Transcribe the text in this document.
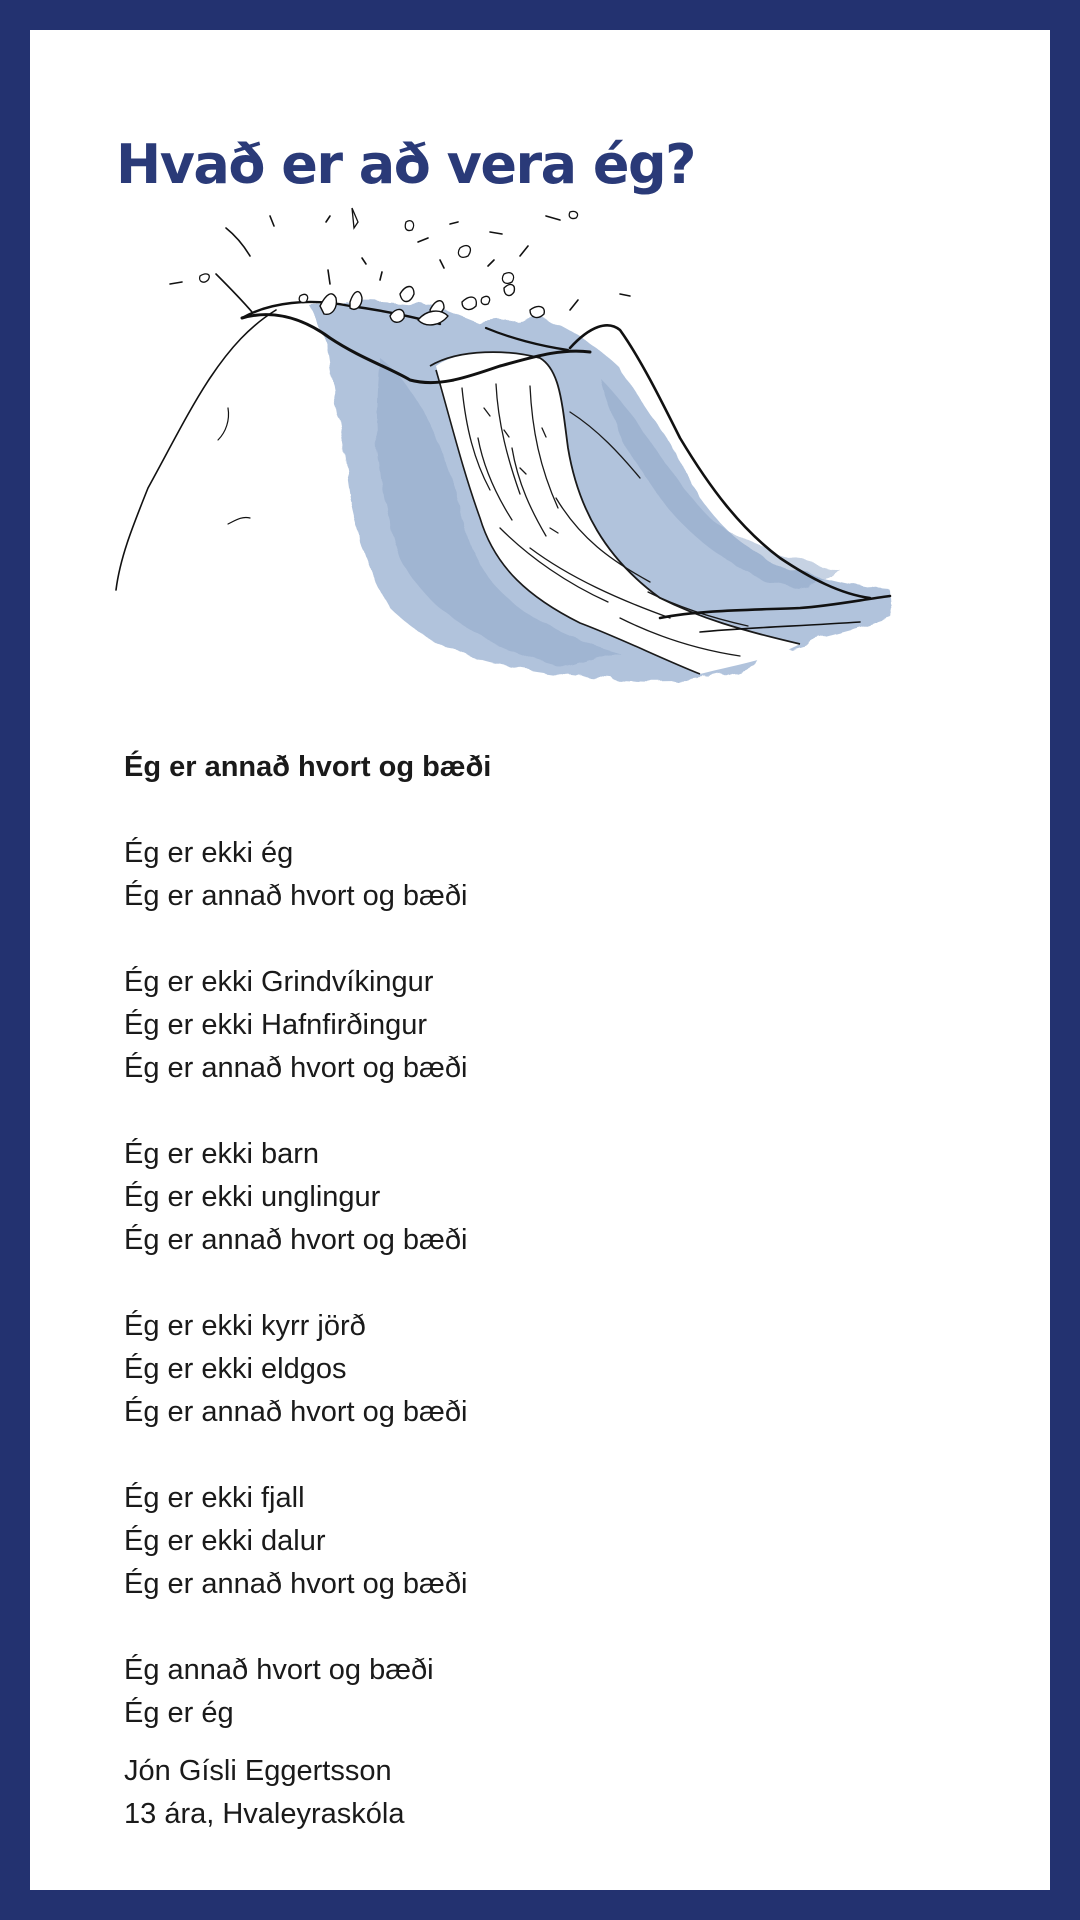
Hvað er að vera ég?
Ég er annað hvort og bæði
Ég er ekki ég
Ég er annað hvort og bæði
Ég er ekki Grindvíkingur
Ég er ekki Hafnfirðingur
Ég er annað hvort og bæði
Ég er ekki barn
Ég er ekki unglingur
Ég er annað hvort og bæði
Ég er ekki kyrr jörð
Ég er ekki eldgos
Ég er annað hvort og bæði
Ég er ekki fjall
Ég er ekki dalur
Ég er annað hvort og bæði
Ég annað hvort og bæði
Ég er ég
Jón Gísli Eggertsson
13 ára, Hvaleyraskóla
